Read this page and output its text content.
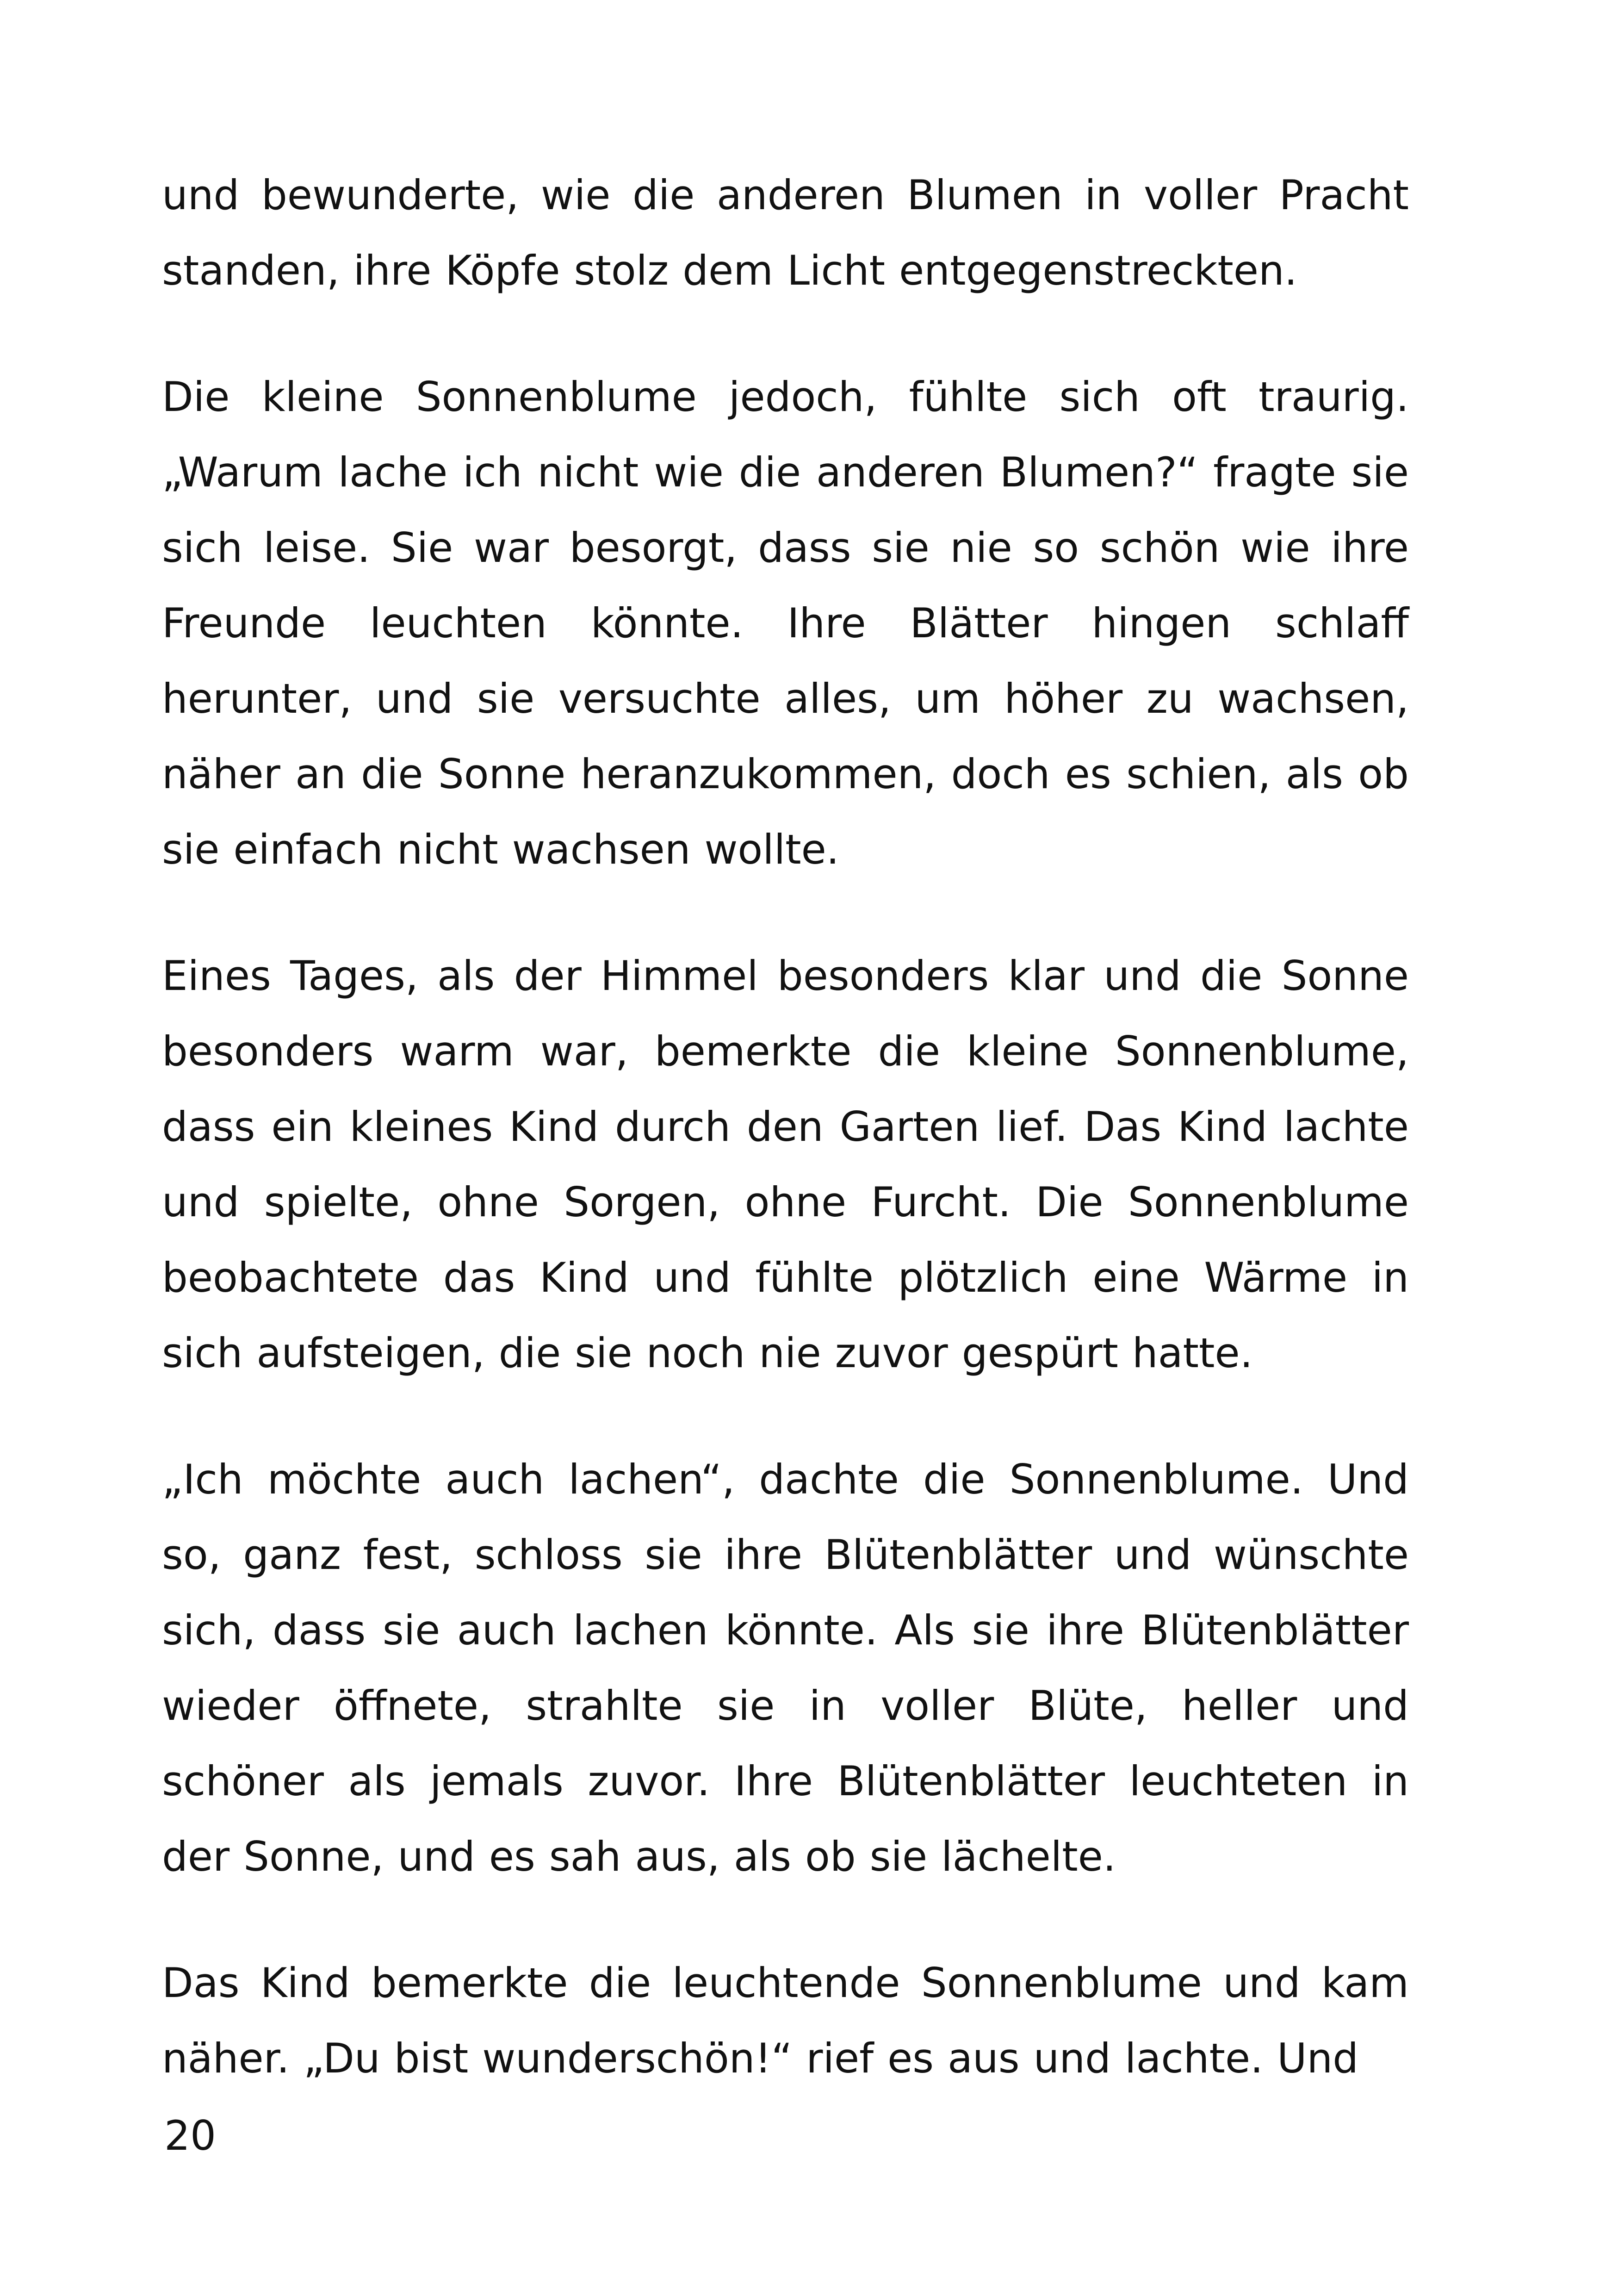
und bewunderte, wie die anderen Blumen in voller Pracht standen, ihre Köpfe stolz dem Licht entgegenstreckten.

Die kleine Sonnenblume jedoch, fühlte sich oft traurig. „Warum lache ich nicht wie die anderen Blumen?“ fragte sie sich leise. Sie war besorgt, dass sie nie so schön wie ihre Freunde leuchten könnte. Ihre Blätter hingen schlaff herunter, und sie versuchte alles, um höher zu wachsen, näher an die Sonne heranzukommen, doch es schien, als ob sie einfach nicht wachsen wollte.

Eines Tages, als der Himmel besonders klar und die Sonne besonders warm war, bemerkte die kleine Sonnenblume, dass ein kleines Kind durch den Garten lief. Das Kind lachte und spielte, ohne Sorgen, ohne Furcht. Die Sonnenblume beobachtete das Kind und fühlte plötzlich eine Wärme in sich aufsteigen, die sie noch nie zuvor gespürt hatte.

„Ich möchte auch lachen“, dachte die Sonnenblume. Und so, ganz fest, schloss sie ihre Blütenblätter und wünschte sich, dass sie auch lachen könnte. Als sie ihre Blütenblätter wieder öffnete, strahlte sie in voller Blüte, heller und schöner als jemals zuvor. Ihre Blütenblätter leuchteten in der Sonne, und es sah aus, als ob sie lächelte.

Das Kind bemerkte die leuchtende Sonnenblume und kam näher. „Du bist wunderschön!“ rief es aus und lachte. Und

20
